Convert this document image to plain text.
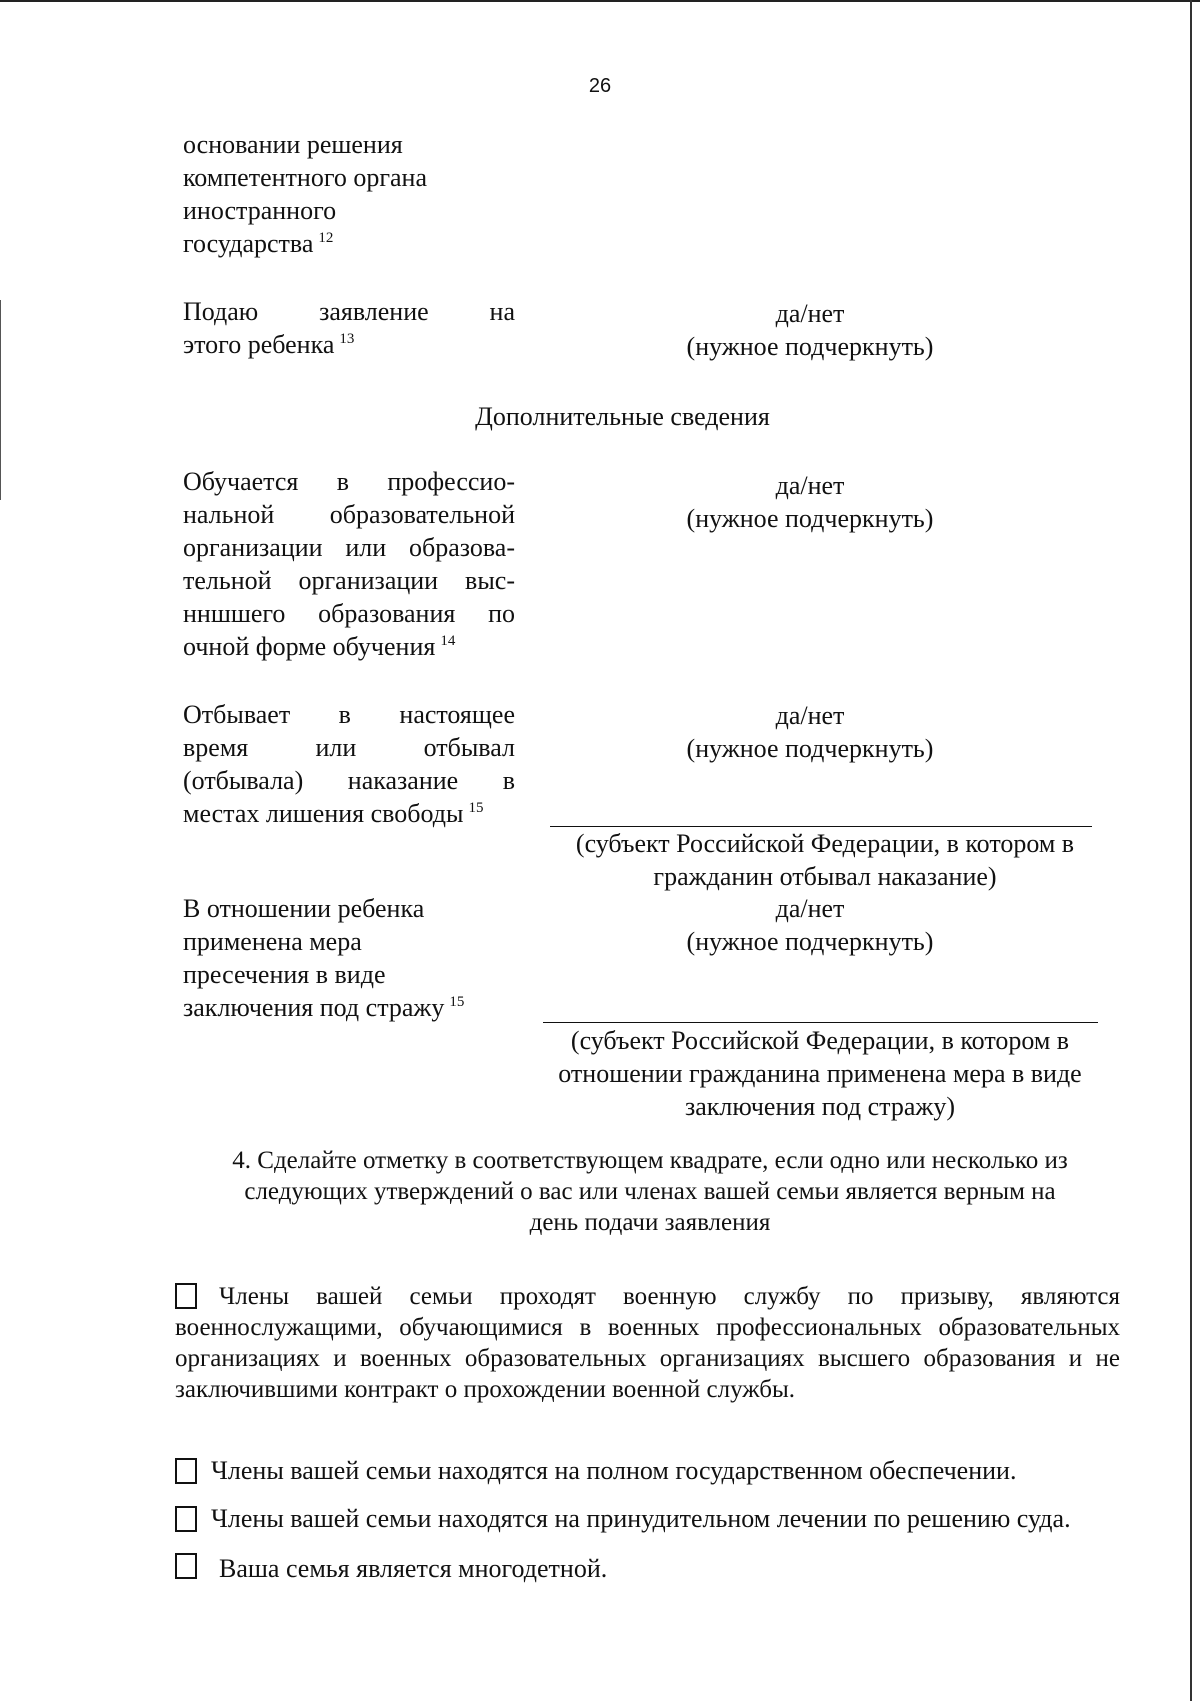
26
основании решения
компетентного органа
иностранного
государства $^{12}$
Подаю заявление на
этого ребенка $^{13}$
да/нет
(нужное подчеркнуть)
Дополнительные сведения
Обучается в профессио-
нальной образовательной
организации или образова-
тельной организации выс-
нншшего образования по
очной форме обучения $^{14}$
да/нет
(нужное подчеркнуть)
Отбывает в настоящее
время или отбывал
(отбывала) наказание в
местах лишения свободы $^{15}$
да/нет
(нужное подчеркнуть)
(субъект Российской Федерации, в котором в
гражданин отбывал наказание)
В отношении ребенка
применена мера
пресечения в виде
заключения под стражу $^{15}$
да/нет
(нужное подчеркнуть)
(субъект Российской Федерации, в котором в
отношении гражданина применена мера в виде
заключения под стражу)
4. Сделайте отметку в соответствующем квадрате, если одно или несколько из
следующих утверждений о вас или членах вашей семьи является верным на
день подачи заявления
Члены вашей семьи проходят военную службу по призыву, являются военнослужащими, обучающимися в военных профессиональных образовательных организациях и военных образовательных организациях высшего образования и не заключившими контракт о прохождении военной службы.
Члены вашей семьи находятся на полном государственном обеспечении.
Члены вашей семьи находятся на принудительном лечении по решению суда.
Ваша семья является многодетной.
